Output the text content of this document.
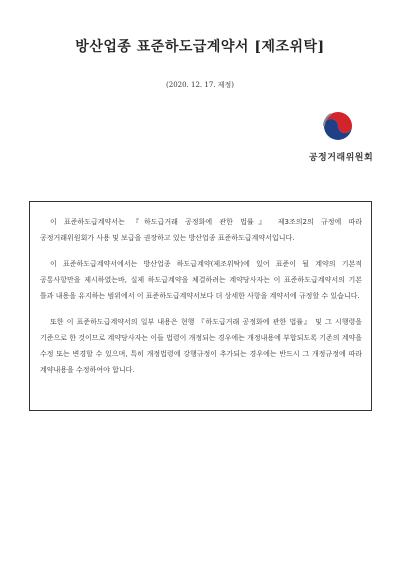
방산업종 표준하도급계약서 [제조위탁]
(2020. 12. 17. 제정)
공정거래위원회

이 표준하도급계약서는 『하도급거래 공정화에 관한 법률』 제3조의2의 규정에 따라 공정거래위원회가 사용 및 보급을 권장하고 있는 방산업종 표준하도급계약서입니다.

이 표준하도급계약서에서는 방산업종 하도급계약(제조위탁)에 있어 표준이 될 계약의 기본적 공통사항만을 제시하였는바, 실제 하도급계약을 체결하려는 계약당사자는 이 표준하도급계약서의 기본 틀과 내용을 유지하는 범위에서 이 표준하도급계약서보다 더 상세한 사항을 계약서에 규정할 수 있습니다.

또한 이 표준하도급계약서의 일부 내용은 현행 『하도급거래 공정화에 관한 법률』 및 그 시행령을 기준으로 한 것이므로 계약당사자는 이들 법령이 개정되는 경우에는 개정내용에 부합되도록 기존의 계약을 수정 또는 변경할 수 있으며, 특히 개정법령에 강행규정이 추가되는 경우에는 반드시 그 개정규정에 따라 계약내용을 수정하여야 합니다.
